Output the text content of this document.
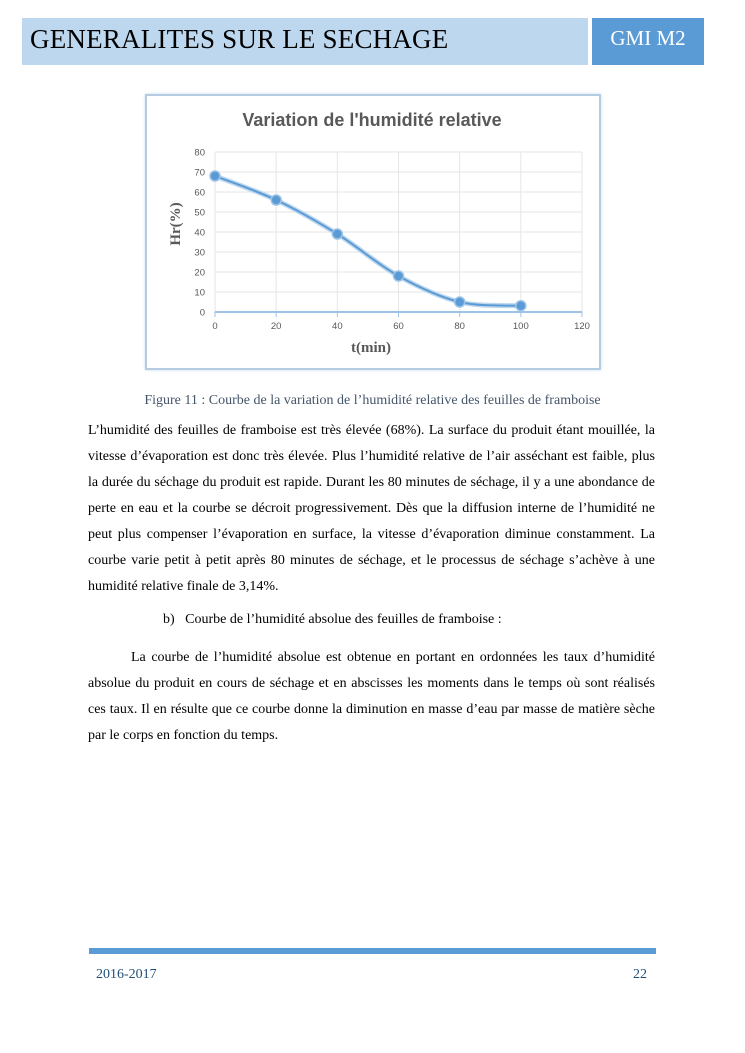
GENERALITES SUR LE SECHAGE	GMI M2
Variation de l'humidité relative
0
10
20
30
40
50
60
70
80
0	20	40	60	80	100	120
t(min)
Hr(%)
Figure 11 : Courbe de la variation de l’humidité relative des feuilles de framboise
L’humidité des feuilles de framboise est très élevée (68%). La surface du produit étant mouillée, la vitesse d’évaporation est donc très élevée. Plus l’humidité relative de l’air asséchant est faible, plus la durée du séchage du produit est rapide. Durant les 80 minutes de séchage, il y a une abondance de perte en eau et la courbe se décroit progressivement. Dès que la diffusion interne de l’humidité ne peut plus compenser l’évaporation en surface, la vitesse d’évaporation diminue constamment. La courbe varie petit à petit après 80 minutes de séchage, et le processus de séchage s’achève à une humidité relative finale de 3,14%.
b) Courbe de l’humidité absolue des feuilles de framboise :
La courbe de l’humidité absolue est obtenue en portant en ordonnées les taux d’humidité absolue du produit en cours de séchage et en abscisses les moments dans le temps où sont réalisés ces taux. Il en résulte que ce courbe donne la diminution en masse d’eau par masse de matière sèche par le corps en fonction du temps.
2016-2017	22
